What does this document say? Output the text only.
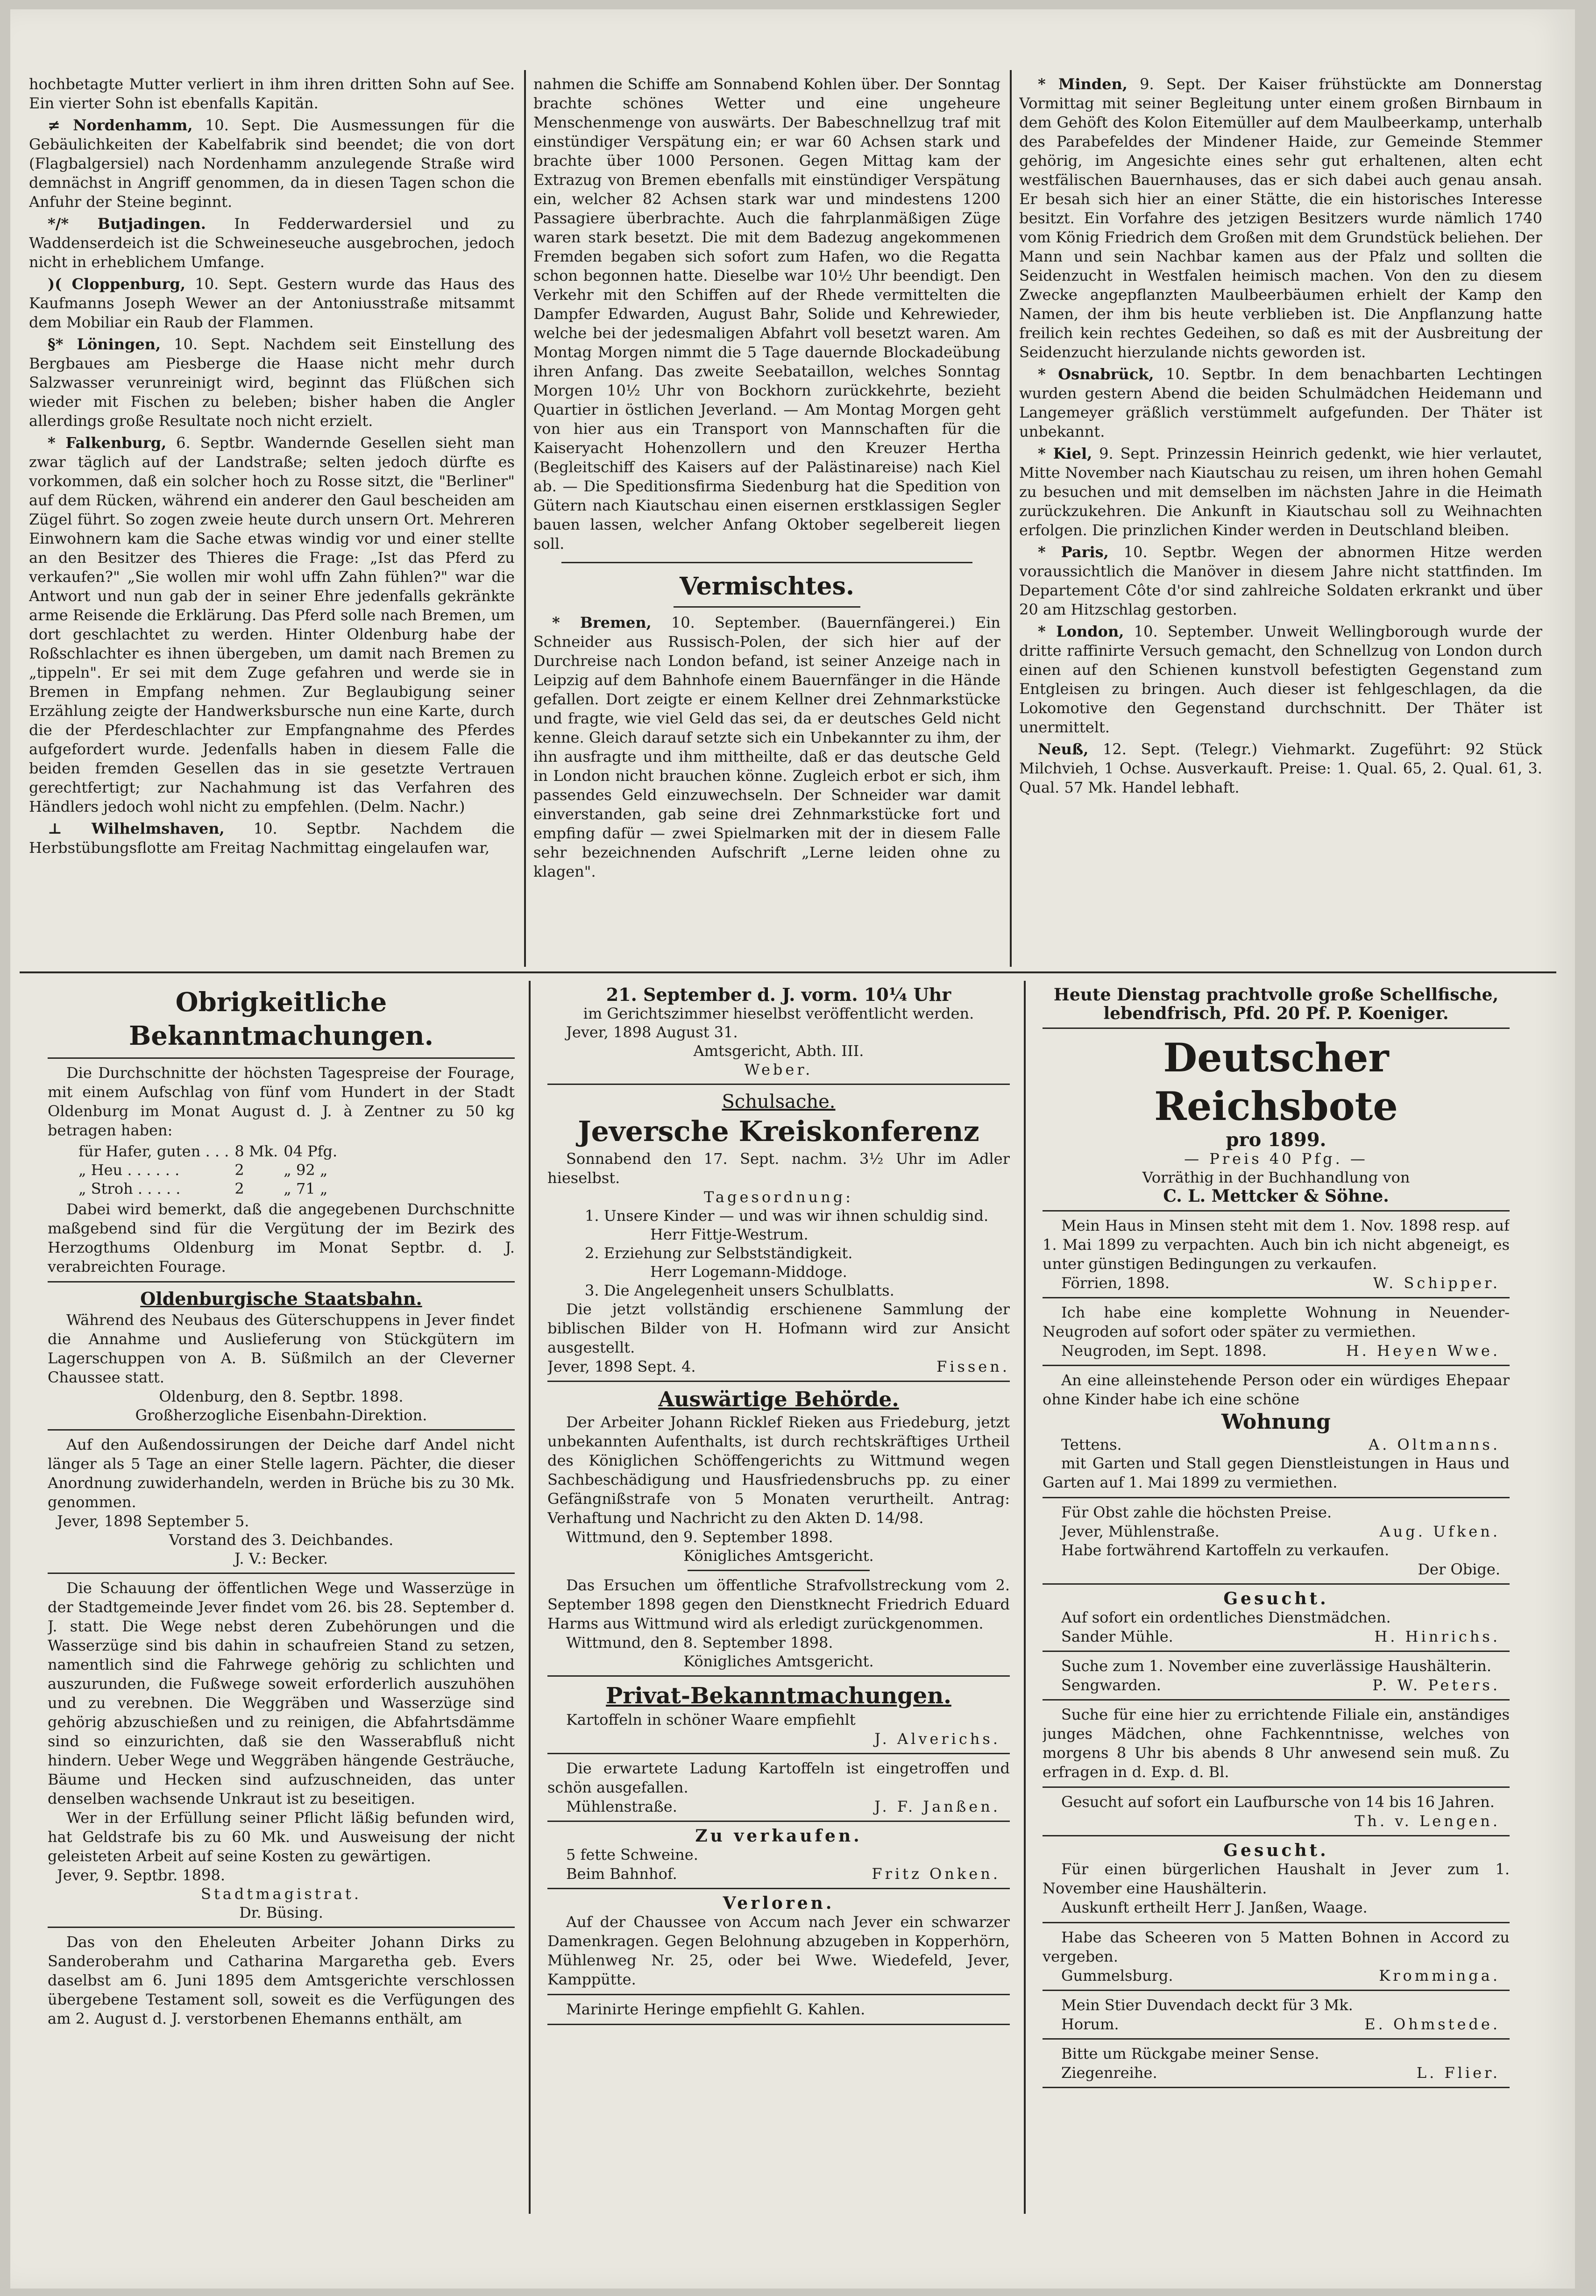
hochbetagte Mutter verliert in ihm ihren dritten Sohn auf See. Ein vierter Sohn ist ebenfalls Kapitän.

≠ Nordenhamm, 10. Sept. Die Ausmessungen für die Gebäulichkeiten der Kabelfabrik sind beendet; die von dort (Flagbalgersiel) nach Nordenhamm anzulegende Straße wird demnächst in Angriff genommen, da in diesen Tagen schon die Anfuhr der Steine beginnt.

*/* Butjadingen. In Fedderwardersiel und zu Waddenserdeich ist die Schweineseuche ausgebrochen, jedoch nicht in erheblichem Umfange.

)( Cloppenburg, 10. Sept. Gestern wurde das Haus des Kaufmanns Joseph Wewer an der Antoniusstraße mitsammt dem Mobiliar ein Raub der Flammen.

§* Löningen, 10. Sept. Nachdem seit Einstellung des Bergbaues am Piesberge die Haase nicht mehr durch Salzwasser verunreinigt wird, beginnt das Flüßchen sich wieder mit Fischen zu beleben; bisher haben die Angler allerdings große Resultate noch nicht erzielt.

* Falkenburg, 6. Septbr. Wandernde Gesellen sieht man zwar täglich auf der Landstraße; selten jedoch dürfte es vorkommen, daß ein solcher hoch zu Rosse sitzt, die "Berliner" auf dem Rücken, während ein anderer den Gaul bescheiden am Zügel führt. So zogen zweie heute durch unsern Ort. Mehreren Einwohnern kam die Sache etwas windig vor und einer stellte an den Besitzer des Thieres die Frage: „Ist das Pferd zu verkaufen?" „Sie wollen mir wohl uffn Zahn fühlen?" war die Antwort und nun gab der in seiner Ehre jedenfalls gekränkte arme Reisende die Erklärung. Das Pferd solle nach Bremen, um dort geschlachtet zu werden. Hinter Oldenburg habe der Roßschlachter es ihnen übergeben, um damit nach Bremen zu „tippeln". Er sei mit dem Zuge gefahren und werde sie in Bremen in Empfang nehmen. Zur Beglaubigung seiner Erzählung zeigte der Handwerksbursche nun eine Karte, durch die der Pferdeschlachter zur Empfangnahme des Pferdes aufgefordert wurde. Jedenfalls haben in diesem Falle die beiden fremden Gesellen das in sie gesetzte Vertrauen gerechtfertigt; zur Nachahmung ist das Verfahren des Händlers jedoch wohl nicht zu empfehlen. (Delm. Nachr.)

⊥ Wilhelmshaven, 10. Septbr. Nachdem die Herbstübungsflotte am Freitag Nachmittag eingelaufen war,

nahmen die Schiffe am Sonnabend Kohlen über. Der Sonntag brachte schönes Wetter und eine ungeheure Menschenmenge von auswärts. Der Babeschnellzug traf mit einstündiger Verspätung ein; er war 60 Achsen stark und brachte über 1000 Personen. Gegen Mittag kam der Extrazug von Bremen ebenfalls mit einstündiger Verspätung ein, welcher 82 Achsen stark war und mindestens 1200 Passagiere überbrachte. Auch die fahrplanmäßigen Züge waren stark besetzt. Die mit dem Badezug angekommenen Fremden begaben sich sofort zum Hafen, wo die Regatta schon begonnen hatte. Dieselbe war 10½ Uhr beendigt. Den Verkehr mit den Schiffen auf der Rhede vermittelten die Dampfer Edwarden, August Bahr, Solide und Kehrewieder, welche bei der jedesmaligen Abfahrt voll besetzt waren. Am Montag Morgen nimmt die 5 Tage dauernde Blockadeübung ihren Anfang. Das zweite Seebataillon, welches Sonntag Morgen 10½ Uhr von Bockhorn zurückkehrte, bezieht Quartier in östlichen Jeverland. — Am Montag Morgen geht von hier aus ein Transport von Mannschaften für die Kaiseryacht Hohenzollern und den Kreuzer Hertha (Begleitschiff des Kaisers auf der Palästinareise) nach Kiel ab. — Die Speditionsfirma Siedenburg hat die Spedition von Gütern nach Kiautschau einen eisernen erstklassigen Segler bauen lassen, welcher Anfang Oktober segelbereit liegen soll.

Vermischtes.

* Bremen, 10. September. (Bauernfängerei.) Ein Schneider aus Russisch-Polen, der sich hier auf der Durchreise nach London befand, ist seiner Anzeige nach in Leipzig auf dem Bahnhofe einem Bauernfänger in die Hände gefallen. Dort zeigte er einem Kellner drei Zehnmarkstücke und fragte, wie viel Geld das sei, da er deutsches Geld nicht kenne. Gleich darauf setzte sich ein Unbekannter zu ihm, der ihn ausfragte und ihm mittheilte, daß er das deutsche Geld in London nicht brauchen könne. Zugleich erbot er sich, ihm passendes Geld einzuwechseln. Der Schneider war damit einverstanden, gab seine drei Zehnmarkstücke fort und empfing dafür — zwei Spielmarken mit der in diesem Falle sehr bezeichnenden Aufschrift „Lerne leiden ohne zu klagen".

* Minden, 9. Sept. Der Kaiser frühstückte am Donnerstag Vormittag mit seiner Begleitung unter einem großen Birnbaum in dem Gehöft des Kolon Eitemüller auf dem Maulbeerkamp, unterhalb des Parabefeldes der Mindener Haide, zur Gemeinde Stemmer gehörig, im Angesichte eines sehr gut erhaltenen, alten echt westfälischen Bauernhauses, das er sich dabei auch genau ansah. Er besah sich hier an einer Stätte, die ein historisches Interesse besitzt. Ein Vorfahre des jetzigen Besitzers wurde nämlich 1740 vom König Friedrich dem Großen mit dem Grundstück beliehen. Der Mann und sein Nachbar kamen aus der Pfalz und sollten die Seidenzucht in Westfalen heimisch machen. Von den zu diesem Zwecke angepflanzten Maulbeerbäumen erhielt der Kamp den Namen, der ihm bis heute verblieben ist. Die Anpflanzung hatte freilich kein rechtes Gedeihen, so daß es mit der Ausbreitung der Seidenzucht hierzulande nichts geworden ist.

* Osnabrück, 10. Septbr. In dem benachbarten Lechtingen wurden gestern Abend die beiden Schulmädchen Heidemann und Langemeyer gräßlich verstümmelt aufgefunden. Der Thäter ist unbekannt.

* Kiel, 9. Sept. Prinzessin Heinrich gedenkt, wie hier verlautet, Mitte November nach Kiautschau zu reisen, um ihren hohen Gemahl zu besuchen und mit demselben im nächsten Jahre in die Heimath zurückzukehren. Die Ankunft in Kiautschau soll zu Weihnachten erfolgen. Die prinzlichen Kinder werden in Deutschland bleiben.

* Paris, 10. Septbr. Wegen der abnormen Hitze werden voraussichtlich die Manöver in diesem Jahre nicht stattfinden. Im Departement Côte d'or sind zahlreiche Soldaten erkrankt und über 20 am Hitzschlag gestorben.

* London, 10. September. Unweit Wellingborough wurde der dritte raffinirte Versuch gemacht, den Schnellzug von London durch einen auf den Schienen kunstvoll befestigten Gegenstand zum Entgleisen zu bringen. Auch dieser ist fehlgeschlagen, da die Lokomotive den Gegenstand durchschnitt. Der Thäter ist unermittelt.

Neuß, 12. Sept. (Telegr.) Viehmarkt. Zugeführt: 92 Stück Milchvieh, 1 Ochse. Ausverkauft. Preise: 1. Qual. 65, 2. Qual. 61, 3. Qual. 57 Mk. Handel lebhaft.

Obrigkeitliche Bekanntmachungen.

Die Durchschnitte der höchsten Tagespreise der Fourage, mit einem Aufschlag von fünf vom Hundert in der Stadt Oldenburg im Monat August d. J. à Zentner zu 50 kg betragen haben:

für Hafer, guten . . .	8 Mk.	04 Pfg.
„ Heu . . . . . .	2	„ 92 „
„ Stroh . . . . .	2	„ 71 „

Dabei wird bemerkt, daß die angegebenen Durchschnitte maßgebend sind für die Vergütung der im Bezirk des Herzogthums Oldenburg im Monat Septbr. d. J. verabreichten Fourage.

Oldenburgische Staatsbahn.

Während des Neubaus des Güterschuppens in Jever findet die Annahme und Auslieferung von Stückgütern im Lagerschuppen von A. B. Süßmilch an der Cleverner Chaussee statt.

Oldenburg, den 8. Septbr. 1898.
Großherzogliche Eisenbahn-Direktion.

Auf den Außendossirungen der Deiche darf Andel nicht länger als 5 Tage an einer Stelle lagern. Pächter, die dieser Anordnung zuwiderhandeln, werden in Brüche bis zu 30 Mk. genommen.

Jever, 1898 September 5.
Vorstand des 3. Deichbandes.
J. V.: Becker.

Die Schauung der öffentlichen Wege und Wasserzüge in der Stadtgemeinde Jever findet vom 26. bis 28. September d. J. statt. Die Wege nebst deren Zubehörungen und die Wasserzüge sind bis dahin in schaufreien Stand zu setzen, namentlich sind die Fahrwege gehörig zu schlichten und auszurunden, die Fußwege soweit erforderlich auszuhöhen und zu verebnen. Die Weggräben und Wasserzüge sind gehörig abzuschießen und zu reinigen, die Abfahrtsdämme sind so einzurichten, daß sie den Wasserabfluß nicht hindern. Ueber Wege und Weggräben hängende Gesträuche, Bäume und Hecken sind aufzuschneiden, das unter denselben wachsende Unkraut ist zu beseitigen.

Wer in der Erfüllung seiner Pflicht läßig befunden wird, hat Geldstrafe bis zu 60 Mk. und Ausweisung der nicht geleisteten Arbeit auf seine Kosten zu gewärtigen.

Jever, 9. Septbr. 1898.
Stadtmagistrat.
Dr. Büsing.

Das von den Eheleuten Arbeiter Johann Dirks zu Sanderoberahm und Catharina Margaretha geb. Evers daselbst am 6. Juni 1895 dem Amtsgerichte verschlossen übergebene Testament soll, soweit es die Verfügungen des am 2. August d. J. verstorbenen Ehemanns enthält, am

21. September d. J. vorm. 10¼ Uhr
im Gerichtszimmer hieselbst veröffentlicht werden.
Jever, 1898 August 31.
Amtsgericht, Abth. III.
Weber.
Schulsache.
Jeversche Kreiskonferenz

Sonnabend den 17. Sept. nachm. 3½ Uhr im Adler hieselbst.

Tagesordnung:
1. Unsere Kinder — und was wir ihnen schuldig sind.
Herr Fittje-Westrum.
2. Erziehung zur Selbstständigkeit.
Herr Logemann-Middoge.
3. Die Angelegenheit unsers Schulblatts.

Die jetzt vollständig erschienene Sammlung der biblischen Bilder von H. Hofmann wird zur Ansicht ausgestellt.

Jever, 1898 Sept. 4.	Fissen.
Auswärtige Behörde.

Der Arbeiter Johann Ricklef Rieken aus Friedeburg, jetzt unbekannten Aufenthalts, ist durch rechtskräftiges Urtheil des Königlichen Schöffengerichts zu Wittmund wegen Sachbeschädigung und Hausfriedensbruchs pp. zu einer Gefängnißstrafe von 5 Monaten verurtheilt. Antrag: Verhaftung und Nachricht zu den Akten D. 14/98.

Wittmund, den 9. September 1898.
Königliches Amtsgericht.

Das Ersuchen um öffentliche Strafvollstreckung vom 2. September 1898 gegen den Dienstknecht Friedrich Eduard Harms aus Wittmund wird als erledigt zurückgenommen.

Wittmund, den 8. September 1898.
Königliches Amtsgericht.
Privat-Bekanntmachungen.

Kartoffeln in schöner Waare empfiehlt

J. Alverichs.

Die erwartete Ladung Kartoffeln ist eingetroffen und schön ausgefallen.

Mühlenstraße.	J. F. Janßen.
Zu verkaufen.

5 fette Schweine.

Beim Bahnhof.	Fritz Onken.
Verloren.

Auf der Chaussee von Accum nach Jever ein schwarzer Damenkragen. Gegen Belohnung abzugeben in Kopperhörn, Mühlenweg Nr. 25, oder bei Wwe. Wiedefeld, Jever, Kamppütte.

Marinirte Heringe empfiehlt G. Kahlen.

Heute Dienstag prachtvolle große Schellfische, lebendfrisch, Pfd. 20 Pf. P. Koeniger.
Deutscher Reichsbote
pro 1899.
— Preis 40 Pfg. —
Vorräthig in der Buchhandlung von
C. L. Mettcker & Söhne.

Mein Haus in Minsen steht mit dem 1. Nov. 1898 resp. auf 1. Mai 1899 zu verpachten. Auch bin ich nicht abgeneigt, es unter günstigen Bedingungen zu verkaufen.

Förrien, 1898.	W. Schipper.

Ich habe eine komplette Wohnung in Neuender-Neugroden auf sofort oder später zu vermiethen.

Neugroden, im Sept. 1898.	H. Heyen Wwe.

An eine alleinstehende Person oder ein würdiges Ehepaar ohne Kinder habe ich eine schöne

Wohnung
Tettens.	A. Oltmanns.

mit Garten und Stall gegen Dienstleistungen in Haus und Garten auf 1. Mai 1899 zu vermiethen.

Für Obst zahle die höchsten Preise.

Jever, Mühlenstraße.	Aug. Ufken.

Habe fortwährend Kartoffeln zu verkaufen.

Der Obige.
Gesucht.

Auf sofort ein ordentliches Dienstmädchen.

Sander Mühle.	H. Hinrichs.

Suche zum 1. November eine zuverlässige Haushälterin.

Sengwarden.	P. W. Peters.

Suche für eine hier zu errichtende Filiale ein, anständiges junges Mädchen, ohne Fachkenntnisse, welches von morgens 8 Uhr bis abends 8 Uhr anwesend sein muß. Zu erfragen in d. Exp. d. Bl.

Gesucht auf sofort ein Laufbursche von 14 bis 16 Jahren.

Th. v. Lengen.
Gesucht.

Für einen bürgerlichen Haushalt in Jever zum 1. November eine Haushälterin.

Auskunft ertheilt Herr J. Janßen, Waage.

Habe das Scheeren von 5 Matten Bohnen in Accord zu vergeben.

Gummelsburg.	Kromminga.

Mein Stier Duvendach deckt für 3 Mk.

Horum.	E. Ohmstede.

Bitte um Rückgabe meiner Sense.

Ziegenreihe.	L. Flier.
